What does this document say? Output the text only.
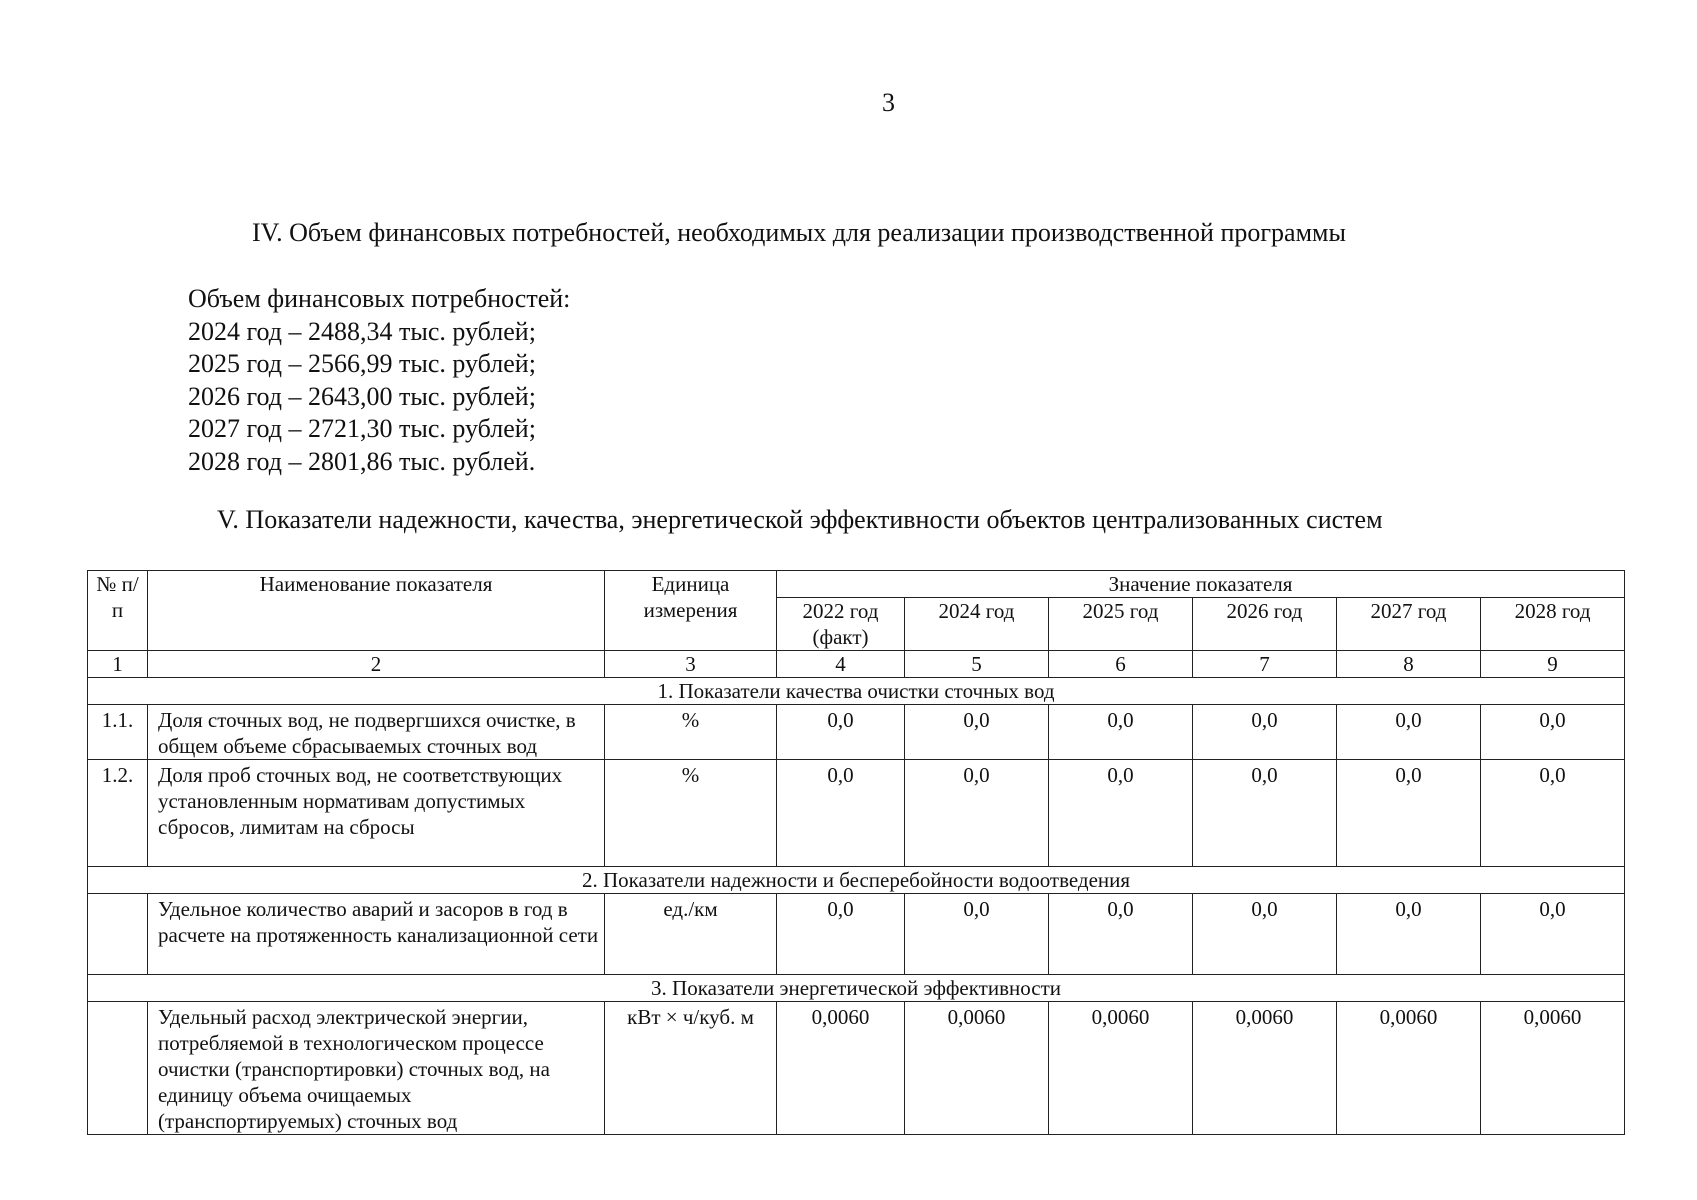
3
IV. Объем финансовых потребностей, необходимых для реализации производственной программы
Объем финансовых потребностей:
2024 год – 2488,34 тыс. рублей;
2025 год – 2566,99 тыс. рублей;
2026 год – 2643,00 тыс. рублей;
2027 год – 2721,30 тыс. рублей;
2028 год – 2801,86 тыс. рублей.
V. Показатели надежности, качества, энергетической эффективности объектов централизованных систем
№ п/п	Наименование показателя	Единица измерения	Значение показателя					
			2022 год (факт)	2024 год	2025 год	2026 год	2027 год	2028 год
1	2	3	4	5	6	7	8	9
1. Показатели качества очистки сточных вод								
1.1.	Доля сточных вод, не подвергшихся очистке, в общем объеме сбрасываемых сточных вод	%	0,0	0,0	0,0	0,0	0,0	0,0
1.2.	Доля проб сточных вод, не соответствующих установленным нормативам допустимых сбросов, лимитам на сбросы	%	0,0	0,0	0,0	0,0	0,0	0,0
2. Показатели надежности и бесперебойности водоотведения								
	Удельное количество аварий и засоров в год в расчете на протяженность канализационной сети	ед./км	0,0	0,0	0,0	0,0	0,0	0,0
3. Показатели энергетической эффективности								
	Удельный расход электрической энергии, потребляемой в технологическом процессе очистки (транспортировки) сточных вод, на единицу объема очищаемых (транспортируемых) сточных вод	кВт × ч/куб. м	0,0060	0,0060	0,0060	0,0060	0,0060	0,0060
